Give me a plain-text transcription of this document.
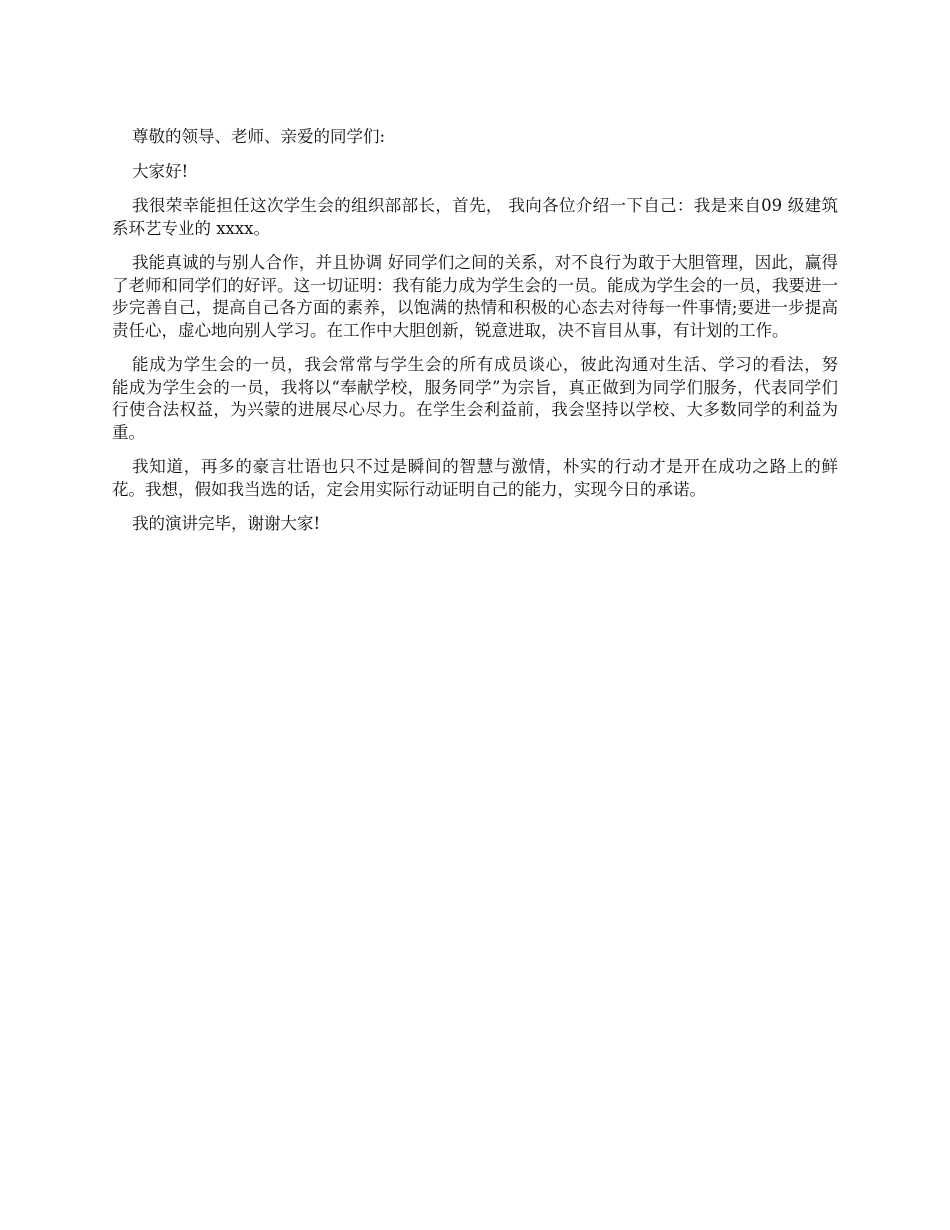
尊敬的领导、老师、亲爱的同学们:

大家好!

我很荣幸能担任这次学生会的组织部部长，首先， 我向各位介绍一下自己：我是来自09 级建筑系环艺专业的 xxxx。

我能真诚的与别人合作，并且协调 好同学们之间的关系，对不良行为敢于大胆管理，因此，赢得了老师和同学们的好评。这一切证明：我有能力成为学生会的一员。能成为学生会的一员，我要进一步完善自己，提高自己各方面的素养，以饱满的热情和积极的心态去对待每一件事情;要进一步提高责任心，虚心地向别人学习。在工作中大胆创新，锐意进取，决不盲目从事，有计划的工作。

能成为学生会的一员，我会常常与学生会的所有成员谈心，彼此沟通对生活、学习的看法，努      能成为学生会的一员，我将以“奉献学校，服务同学”为宗旨，真正做到为同学们服务，代表同学们行使合法权益，为兴蒙的进展尽心尽力。在学生会利益前，我会坚持以学校、大多数同学的利益为重。

我知道，再多的豪言壮语也只不过是瞬间的智慧与激情，朴实的行动才是开在成功之路上的鲜花。我想，假如我当选的话，定会用实际行动证明自己的能力，实现今日的承诺。

我的演讲完毕，谢谢大家!
